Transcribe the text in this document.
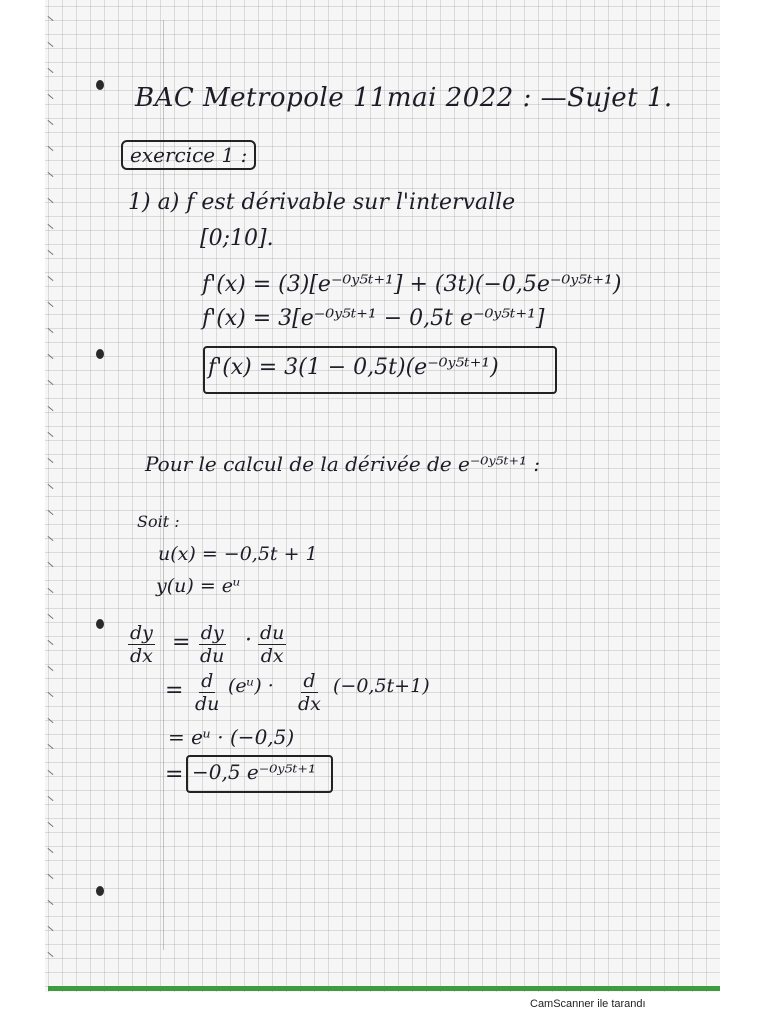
BAC Metropole 11mai 2022 : —Sujet 1.
exercice 1 :
1) a) f est dérivable sur l'intervalle
[0;10].
f'(x) = (3)[e⁻⁰ʸ⁵ᵗ⁺¹] + (3t)(−0,5e⁻⁰ʸ⁵ᵗ⁺¹)
f'(x) = 3[e⁻⁰ʸ⁵ᵗ⁺¹ − 0,5t e⁻⁰ʸ⁵ᵗ⁺¹]
f'(x) = 3(1 − 0,5t)(e⁻⁰ʸ⁵ᵗ⁺¹)
Pour le calcul de la dérivée de e⁻⁰ʸ⁵ᵗ⁺¹ :
Soit :
u(x) = −0,5t + 1
y(u) = eᵘ
$\frac{dy}{dx} = \frac{dy}{du} \cdot \frac{du}{dx}$
= $\frac{d}{du}$ (eᵘ) · $\frac{d}{dx} (-0,5t+1)$
= eᵘ · (−0,5)
= −0,5 e⁻⁰ʸ⁵ᵗ⁺¹
CamScanner ile tarandı
